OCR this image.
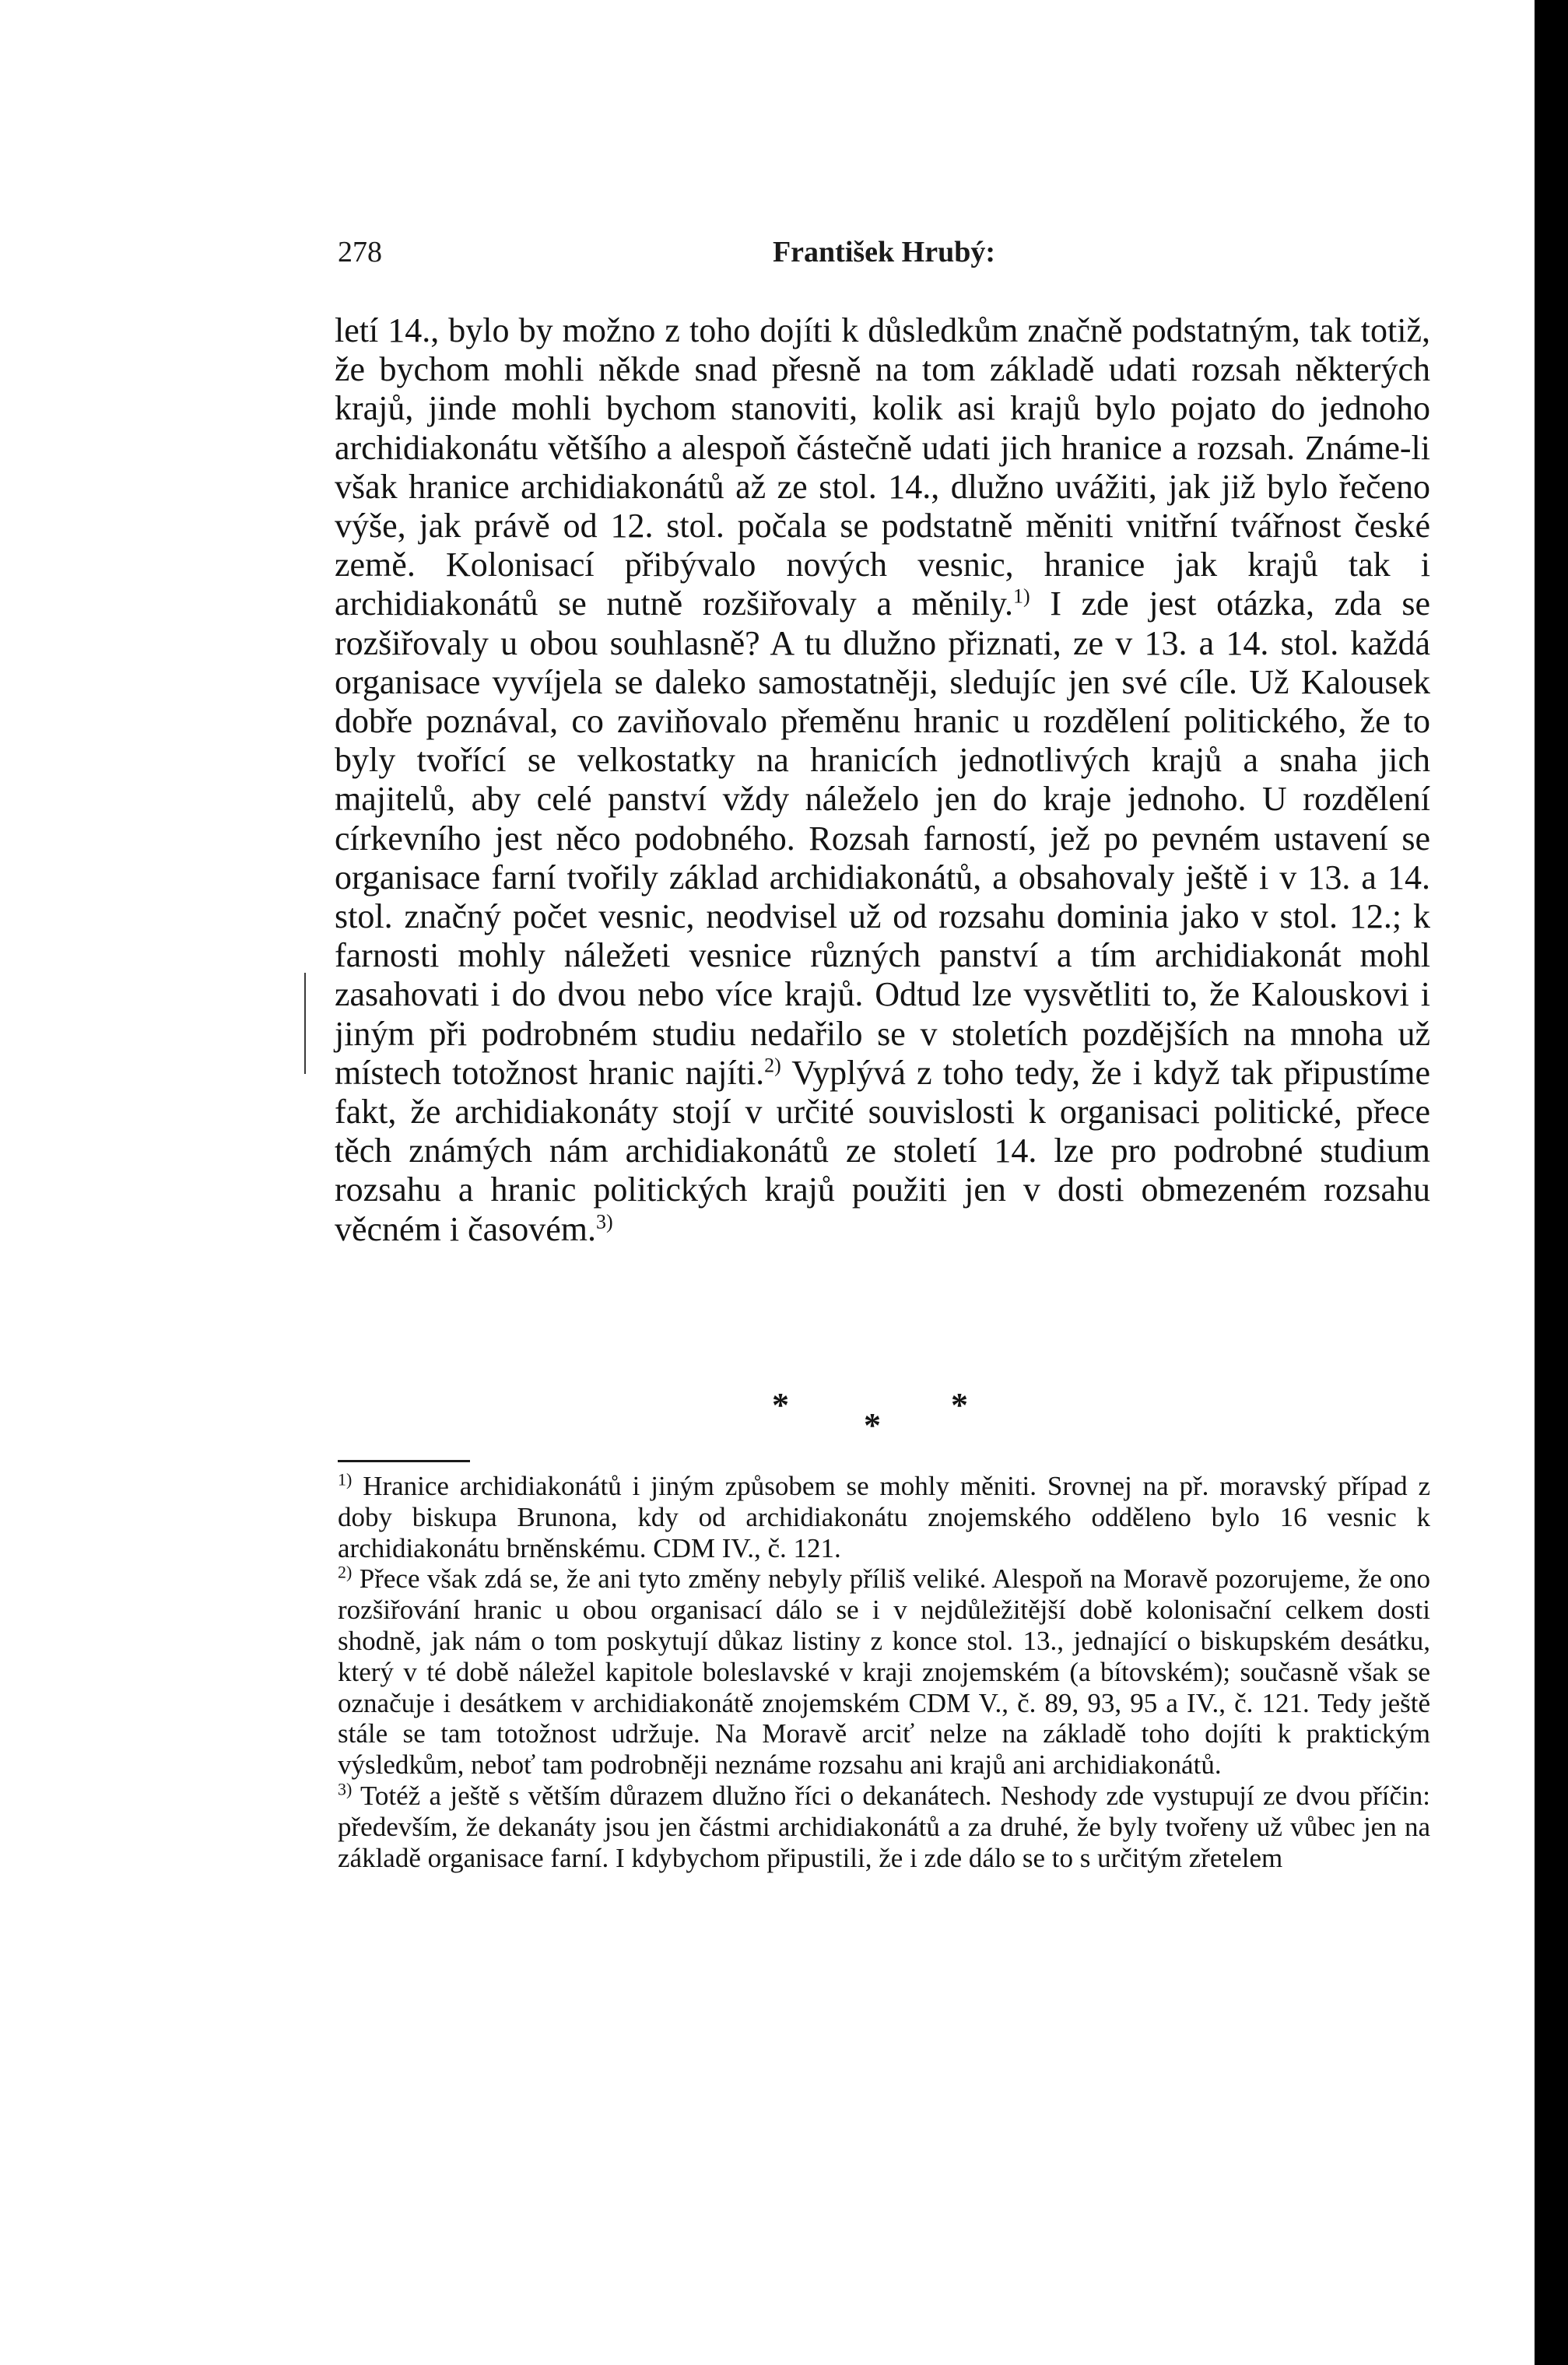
278	František Hrubý:

letí 14., bylo by možno z toho dojíti k důsledkům značně podstatným, tak totiž, že bychom mohli někde snad přesně na tom základě udati rozsah některých krajů, jinde mohli bychom stanoviti, kolik asi krajů bylo pojato do jednoho archidiakonátu většího a alespoň částečně udati jich hranice a rozsah. Známe-li však hranice archidiakonátů až ze stol. 14., dlužno uvážiti, jak již bylo řečeno výše, jak právě od 12. stol. počala se podstatně měniti vnitřní tvářnost české země. Kolonisací přibývalo nových vesnic, hranice jak krajů tak i archidiakonátů se nutně rozšiřovaly a měnily.$^{1)}$ I zde jest otázka, zda se rozšiřovaly u obou souhlasně? A tu dlužno přiznati, ze v 13. a 14. stol. každá organisace vyvíjela se daleko samostatněji, sledujíc jen své cíle. Už Kalousek dobře poznával, co zaviňovalo přeměnu hranic u rozdělení politického, že to byly tvořící se velkostatky na hranicích jednotlivých krajů a snaha jich majitelů, aby celé panství vždy náleželo jen do kraje jednoho. U rozdělení církevního jest něco podobného. Rozsah farností, jež po pevném ustavení se organisace farní tvořily základ archidiakonátů, a obsahovaly ještě i v 13. a 14. stol. značný počet vesnic, neodvisel už od rozsahu dominia jako v stol. 12.; k farnosti mohly náležeti vesnice různých panství a tím archidiakonát mohl zasahovati i do dvou nebo více krajů. Odtud lze vysvětliti to, že Kalouskovi i jiným při podrobném studiu nedařilo se v stoletích pozdějších na mnoha už místech totožnost hranic najíti.$^{2)}$ Vyplývá z toho tedy, že i když tak připustíme fakt, že archidiakonáty stojí v určité souvislosti k organisaci politické, přece těch známých nám archidiakonátů ze století 14. lze pro podrobné studium rozsahu a hranic politických krajů použiti jen v dosti obmezeném rozsahu věcném i časovém.$^{3)}$

*
*
*

$^{1)}$ Hranice archidiakonátů i jiným způsobem se mohly měniti. Srovnej na př. moravský případ z doby biskupa Brunona, kdy od archidiakonátu znojemského odděleno bylo 16 vesnic k archidiakonátu brněnskému. CDM IV., č. 121.

$^{2)}$ Přece však zdá se, že ani tyto změny nebyly příliš veliké. Alespoň na Moravě pozorujeme, že ono rozšiřování hranic u obou organisací dálo se i v nejdůležitější době kolonisační celkem dosti shodně, jak nám o tom poskytují důkaz listiny z konce stol. 13., jednající o biskupském desátku, který v té době náležel kapitole boleslavské v kraji znojemském (a bítovském); současně však se označuje i desátkem v archidiakonátě znojemském CDM V., č. 89, 93, 95 a IV., č. 121. Tedy ještě stále se tam totožnost udržuje. Na Moravě arciť nelze na základě toho dojíti k praktickým výsledkům, neboť tam podrobněji neznáme rozsahu ani krajů ani archidiakonátů.

$^{3)}$ Totéž a ještě s větším důrazem dlužno říci o dekanátech. Neshody zde vystupují ze dvou příčin: především, že dekanáty jsou jen částmi archidiakonátů a za druhé, že byly tvořeny už vůbec jen na základě organisace farní. I kdybychom připustili, že i zde dálo se to s určitým zřetelem
